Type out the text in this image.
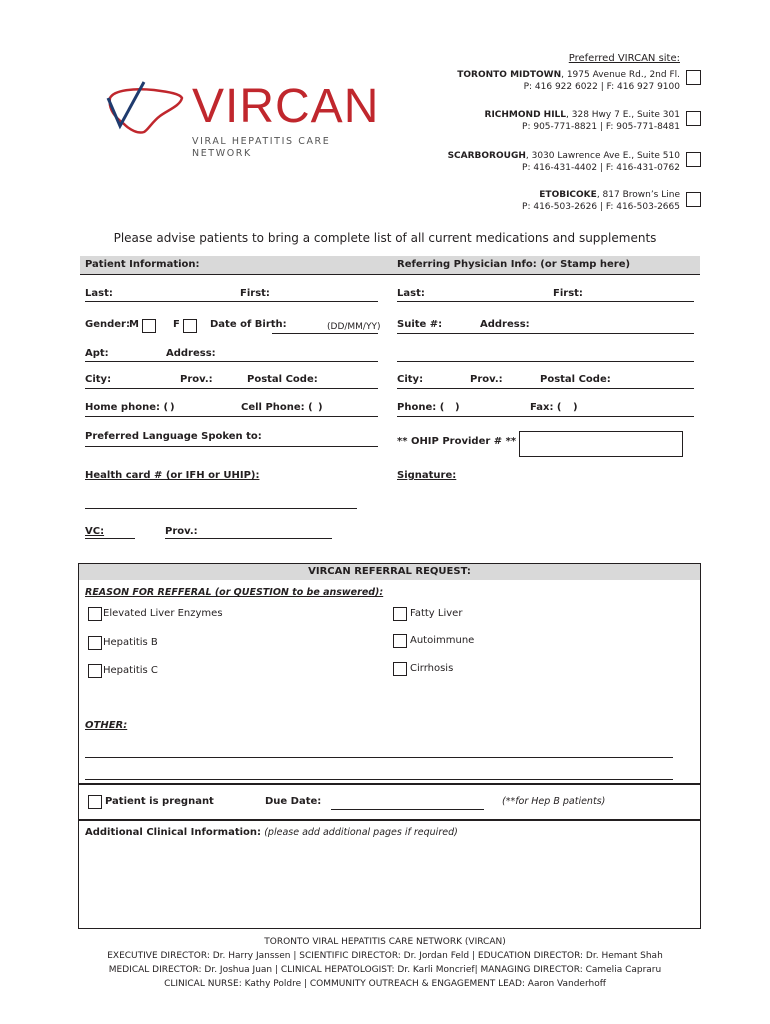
VIRCAN
VIRAL HEPATITIS CARE NETWORK
Preferred VIRCAN site:
TORONTO MIDTOWN, 1975 Avenue Rd., 2nd Fl.
P: 416 922 6022 | F: 416 927 9100
RICHMOND HILL, 328 Hwy 7 E., Suite 301
P: 905-771-8821 | F: 905-771-8481
SCARBOROUGH, 3030 Lawrence Ave E., Suite 510
P: 416-431-4402 | F: 416-431-0762
ETOBICOKE, 817 Brown’s Line
P: 416-503-2626 | F: 416-503-2665
Please advise patients to bring a complete list of all current medications and supplements
Patient Information:	Referring Physician Info: (or Stamp here)
Last:	First:
Gender: M	F	Date of Birth:	(DD/MM/YY)
Apt:	Address:
City:	Prov.:	Postal Code:
Home phone: ( )	Cell Phone: ( )
Preferred Language Spoken to:
Health card # (or IFH or UHIP):
VC:	Prov.:
Last:	First:
Suite #:	Address:
City:	Prov.:	Postal Code:
Phone: ( )	Fax: ( )
** OHIP Provider # **
Signature:
VIRCAN REFERRAL REQUEST:
REASON FOR REFFERAL (or QUESTION to be answered):
Elevated Liver Enzymes
Hepatitis B
Hepatitis C
Fatty Liver
Autoimmune
Cirrhosis
OTHER:
Patient is pregnant	Due Date:	(**for Hep B patients)
Additional Clinical Information: (please add additional pages if required)
TORONTO VIRAL HEPATITIS CARE NETWORK (VIRCAN)
EXECUTIVE DIRECTOR: Dr. Harry Janssen | SCIENTIFIC DIRECTOR: Dr. Jordan Feld | EDUCATION DIRECTOR: Dr. Hemant Shah
MEDICAL DIRECTOR: Dr. Joshua Juan | CLINICAL HEPATOLOGIST: Dr. Karli Moncrief| MANAGING DIRECTOR: Camelia Capraru
CLINICAL NURSE: Kathy Poldre | COMMUNITY OUTREACH & ENGAGEMENT LEAD: Aaron Vanderhoff
